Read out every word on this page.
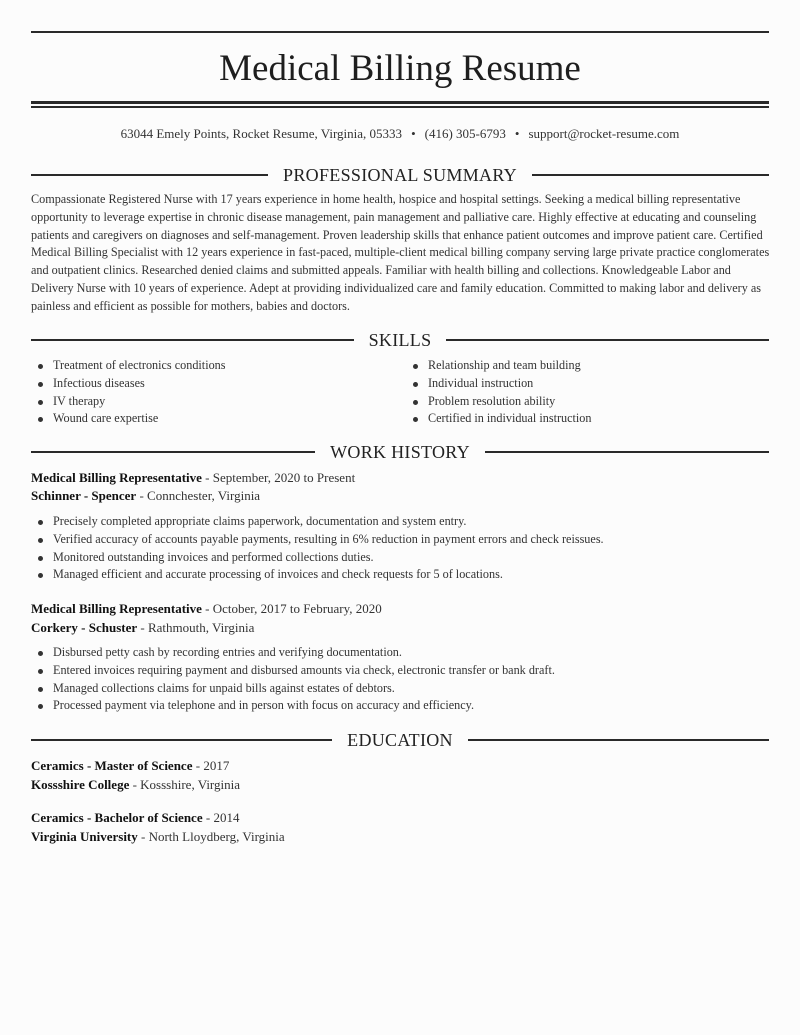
Medical Billing Resume
63044 Emely Points, Rocket Resume, Virginia, 05333 • (416) 305-6793 • support@rocket-resume.com
PROFESSIONAL SUMMARY
Compassionate Registered Nurse with 17 years experience in home health, hospice and hospital settings. Seeking a medical billing representative opportunity to leverage expertise in chronic disease management, pain management and palliative care. Highly effective at educating and counseling patients and caregivers on diagnoses and self-management. Proven leadership skills that enhance patient outcomes and improve patient care. Certified Medical Billing Specialist with 12 years experience in fast-paced, multiple-client medical billing company serving large private practice conglomerates and outpatient clinics. Researched denied claims and submitted appeals. Familiar with health billing and collections. Knowledgeable Labor and Delivery Nurse with 10 years of experience. Adept at providing individualized care and family education. Committed to making labor and delivery as painless and efficient as possible for mothers, babies and doctors.
SKILLS
Treatment of electronics conditions
Infectious diseases
IV therapy
Wound care expertise
Relationship and team building
Individual instruction
Problem resolution ability
Certified in individual instruction
WORK HISTORY
Medical Billing Representative - September, 2020 to Present
Schinner - Spencer - Connchester, Virginia
Precisely completed appropriate claims paperwork, documentation and system entry.
Verified accuracy of accounts payable payments, resulting in 6% reduction in payment errors and check reissues.
Monitored outstanding invoices and performed collections duties.
Managed efficient and accurate processing of invoices and check requests for 5 of locations.
Medical Billing Representative - October, 2017 to February, 2020
Corkery - Schuster - Rathmouth, Virginia
Disbursed petty cash by recording entries and verifying documentation.
Entered invoices requiring payment and disbursed amounts via check, electronic transfer or bank draft.
Managed collections claims for unpaid bills against estates of debtors.
Processed payment via telephone and in person with focus on accuracy and efficiency.
EDUCATION
Ceramics - Master of Science - 2017
Kossshire College - Kossshire, Virginia
Ceramics - Bachelor of Science - 2014
Virginia University - North Lloydberg, Virginia
